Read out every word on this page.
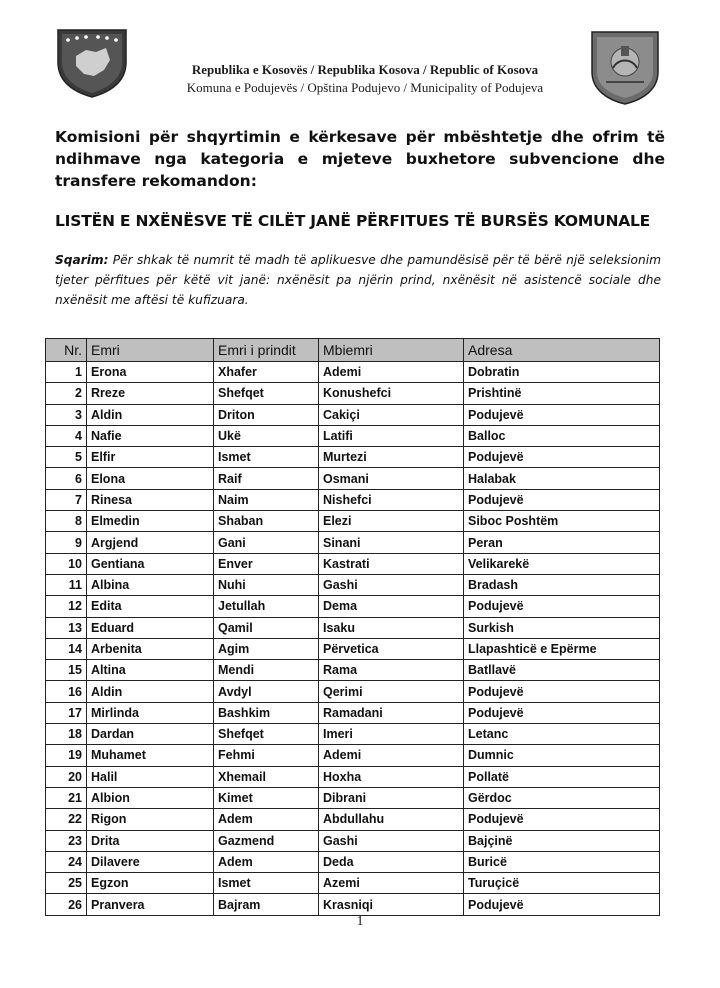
Republika e Kosovës / Republika Kosova / Republic of Kosova
Komuna e Podujevës / Opština Podujevo / Municipality of Podujeva
Komisioni për shqyrtimin e kërkesave për mbështetje dhe ofrim të ndihmave nga kategoria e mjeteve buxhetore subvencione dhe transfere rekomandon:
LISTËN E NXËNËSVE TË CILËT JANË PËRFITUES TË BURSËS KOMUNALE
Sqarim: Për shkak të numrit të madh të aplikuesve dhe pamundësisë për të bërë një seleksionim tjeter përfitues për këtë vit janë: nxënësit pa njërin prind, nxënësit në asistencë sociale dhe nxënësit me aftësi të kufizuara.
Nr.	Emri	Emri i prindit	Mbiemri	Adresa
1	Erona	Xhafer	Ademi	Dobratin
2	Rreze	Shefqet	Konushefci	Prishtinë
3	Aldin	Driton	Cakiçi	Podujevë
4	Nafie	Ukë	Latifi	Balloc
5	Elfir	Ismet	Murtezi	Podujevë
6	Elona	Raif	Osmani	Halabak
7	Rinesa	Naim	Nishefci	Podujevë
8	Elmedin	Shaban	Elezi	Siboc Poshtëm
9	Argjend	Gani	Sinani	Peran
10	Gentiana	Enver	Kastrati	Velikarekë
11	Albina	Nuhi	Gashi	Bradash
12	Edita	Jetullah	Dema	Podujevë
13	Eduard	Qamil	Isaku	Surkish
14	Arbenita	Agim	Përvetica	Llapashticë e Epërme
15	Altina	Mendi	Rama	Batllavë
16	Aldin	Avdyl	Qerimi	Podujevë
17	Mirlinda	Bashkim	Ramadani	Podujevë
18	Dardan	Shefqet	Imeri	Letanc
19	Muhamet	Fehmi	Ademi	Dumnic
20	Halil	Xhemail	Hoxha	Pollatë
21	Albion	Kimet	Dibrani	Gërdoc
22	Rigon	Adem	Abdullahu	Podujevë
23	Drita	Gazmend	Gashi	Bajçinë
24	Dilavere	Adem	Deda	Buricë
25	Egzon	Ismet	Azemi	Turuçicë
26	Pranvera	Bajram	Krasniqi	Podujevë
1
